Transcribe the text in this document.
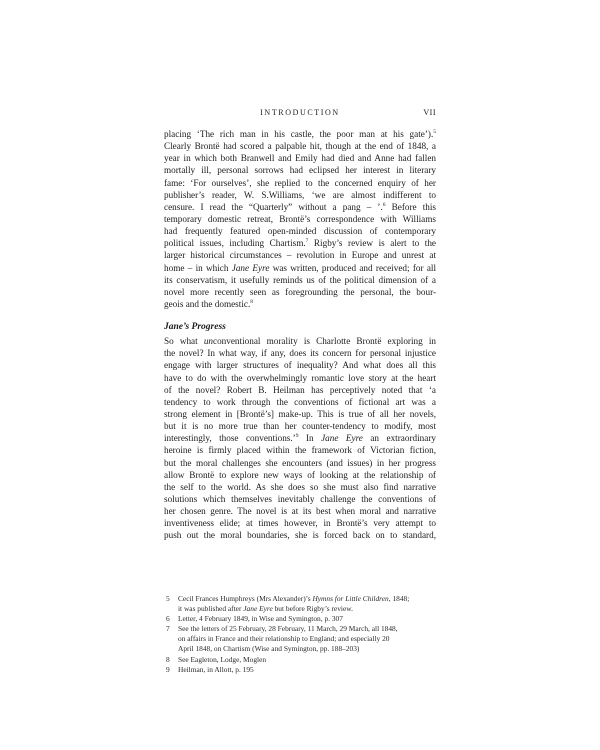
INTRODUCTION	VII
placing ‘The rich man in his castle, the poor man at his gate’).$^5$
Clearly Brontë had scored a palpable hit, though at the end of 1848, a
year in which both Branwell and Emily had died and Anne had fallen
mortally ill, personal sorrows had eclipsed her interest in literary
fame: ‘For ourselves’, she replied to the concerned enquiry of her
publisher’s reader, W. S.Williams, ‘we are almost indifferent to
censure. I read the “Quarterly” without a pang – ’.$^6$ Before this
temporary domestic retreat, Brontë’s correspondence with Williams
had frequently featured open-minded discussion of contemporary
political issues, including Chartism.$^7$ Rigby’s review is alert to the
larger historical circumstances – revolution in Europe and unrest at
home – in which Jane Eyre was written, produced and received; for all
its conservatism, it usefully reminds us of the political dimension of a
novel more recently seen as foregrounding the personal, the bour-
geois and the domestic.$^8$
Jane’s Progress
So what unconventional morality is Charlotte Brontë exploring in
the novel? In what way, if any, does its concern for personal injustice
engage with larger structures of inequality? And what does all this
have to do with the overwhelmingly romantic love story at the heart
of the novel? Robert B. Heilman has perceptively noted that ‘a
tendency to work through the conventions of fictional art was a
strong element in [Brontë’s] make-up. This is true of all her novels,
but it is no more true than her counter-tendency to modify, most
interestingly, those conventions.’$^9$ In Jane Eyre an extraordinary
heroine is firmly placed within the framework of Victorian fiction,
but the moral challenges she encounters (and issues) in her progress
allow Brontë to explore new ways of looking at the relationship of
the self to the world. As she does so she must also find narrative
solutions which themselves inevitably challenge the conventions of
her chosen genre. The novel is at its best when moral and narrative
inventiveness elide; at times however, in Brontë’s very attempt to
push out the moral boundaries, she is forced back on to standard,
5 Cecil Frances Humphreys (Mrs Alexander)’s Hymns for Little Children, 1848;
it was published after Jane Eyre but before Rigby’s review.
6 Letter, 4 February 1849, in Wise and Symington, p. 307
7 See the letters of 25 February, 28 February, 11 March, 29 March, all 1848,
on affairs in France and their relationship to England; and especially 20
April 1848, on Chartism (Wise and Symington, pp. 188–203)
8 See Eagleton, Lodge, Moglen
9 Heilman, in Allott, p. 195
